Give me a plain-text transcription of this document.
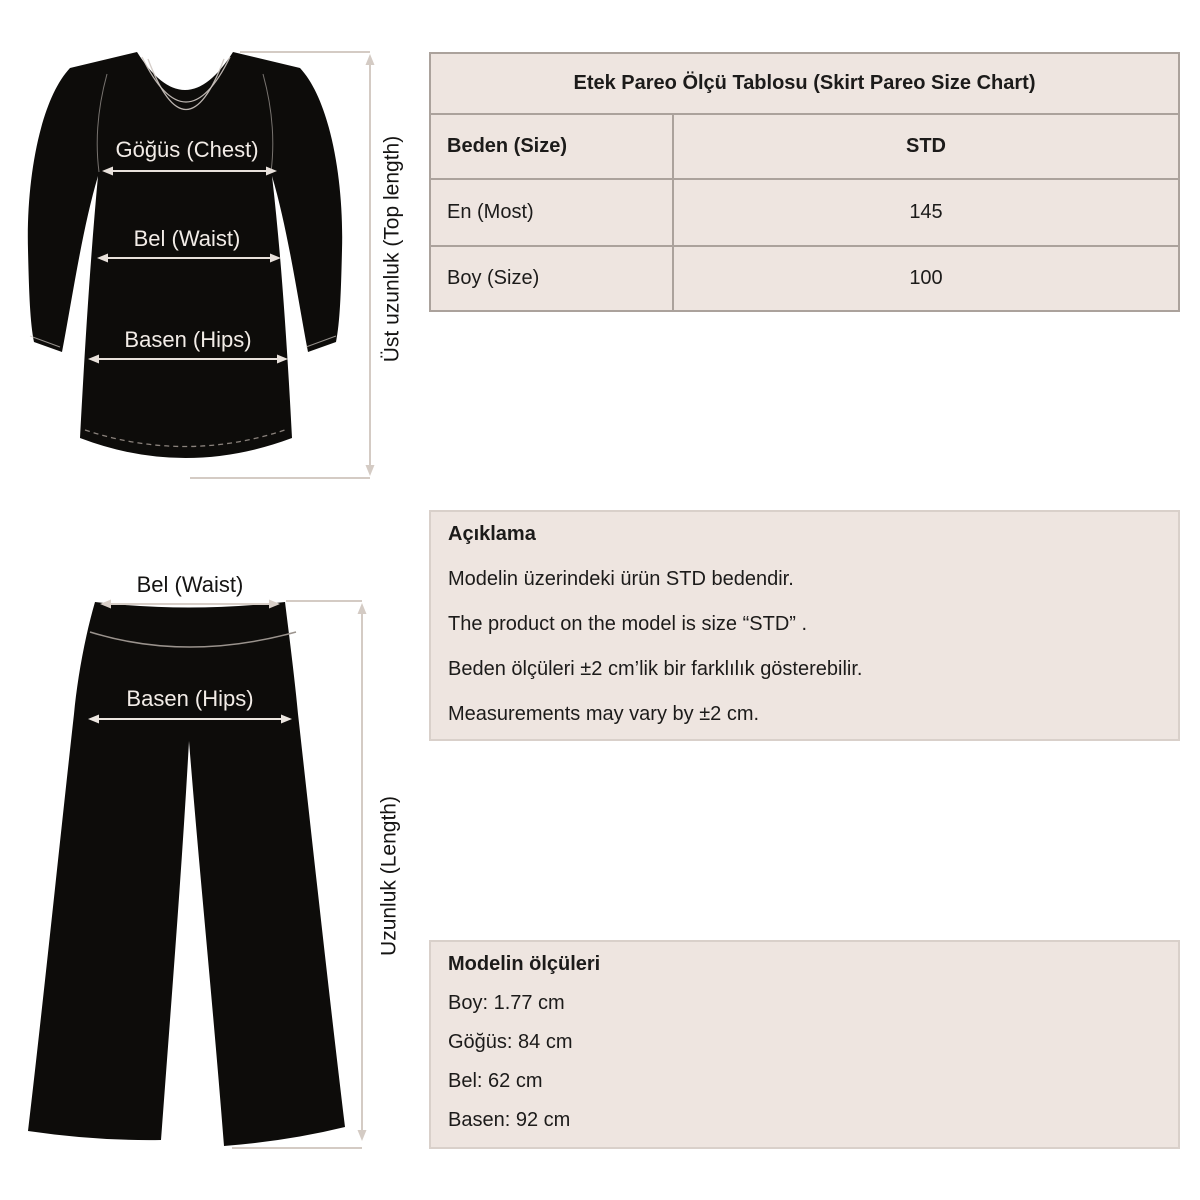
Göğüs (Chest)
Bel (Waist)
Basen (Hips)	Üst uzunluk (Top length)
Bel (Waist)
Basen (Hips)
Uzunluk (Length)
Etek Pareo Ölçü Tablosu (Skirt Pareo Size Chart)
Beden (Size)	STD
En (Most)	145
Boy (Size)	100
Açıklama

Modelin üzerindeki ürün STD bedendir.

The product on the model is size “STD” .

Beden ölçüleri ±2 cm’lik bir farklılık gösterebilir.

Measurements may vary by ±2 cm.

Modelin ölçüleri

Boy: 1.77 cm

Göğüs: 84 cm

Bel: 62 cm

Basen: 92 cm
